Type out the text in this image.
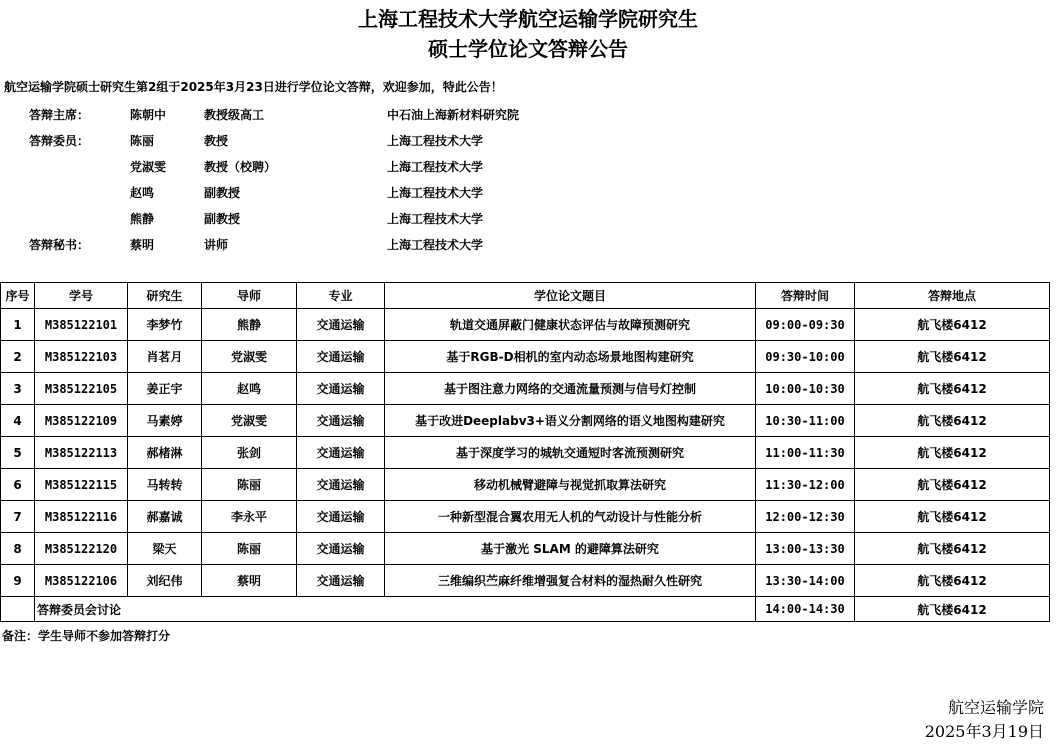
上海工程技术大学航空运输学院研究生
硕士学位论文答辩公告
航空运输学院硕士研究生第2组于2025年3月23日进行学位论文答辩，欢迎参加，特此公告！
答辩主席：	陈朝中	教授级高工	中石油上海新材料研究院
答辩委员：	陈丽	教授	上海工程技术大学
党淑雯	教授（校聘）	上海工程技术大学
赵鸣	副教授	上海工程技术大学
熊静	副教授	上海工程技术大学
答辩秘书：	蔡明	讲师	上海工程技术大学
序号	学号	研究生	导师	专业	学位论文题目	答辩时间	答辩地点
1	M385122101	李梦竹	熊静	交通运输	轨道交通屏蔽门健康状态评估与故障预测研究	09:00-09:30	航飞楼6412
2	M385122103	肖茗月	党淑雯	交通运输	基于RGB-D相机的室内动态场景地图构建研究	09:30-10:00	航飞楼6412
3	M385122105	姜正宇	赵鸣	交通运输	基于图注意力网络的交通流量预测与信号灯控制	10:00-10:30	航飞楼6412
4	M385122109	马素婷	党淑雯	交通运输	基于改进Deeplabv3+语义分割网络的语义地图构建研究	10:30-11:00	航飞楼6412
5	M385122113	郝楮淋	张剑	交通运输	基于深度学习的城轨交通短时客流预测研究	11:00-11:30	航飞楼6412
6	M385122115	马转转	陈丽	交通运输	移动机械臂避障与视觉抓取算法研究	11:30-12:00	航飞楼6412
7	M385122116	郝嘉诚	李永平	交通运输	一种新型混合翼农用无人机的气动设计与性能分析	12:00-12:30	航飞楼6412
8	M385122120	梁天	陈丽	交通运输	基于激光 SLAM 的避障算法研究	13:00-13:30	航飞楼6412
9	M385122106	刘纪伟	蔡明	交通运输	三维编织苎麻纤维增强复合材料的湿热耐久性研究	13:30-14:00	航飞楼6412
	答辩委员会讨论					14:00-14:30	航飞楼6412
备注：学生导师不参加答辩打分
航空运输学院
2025年3月19日
